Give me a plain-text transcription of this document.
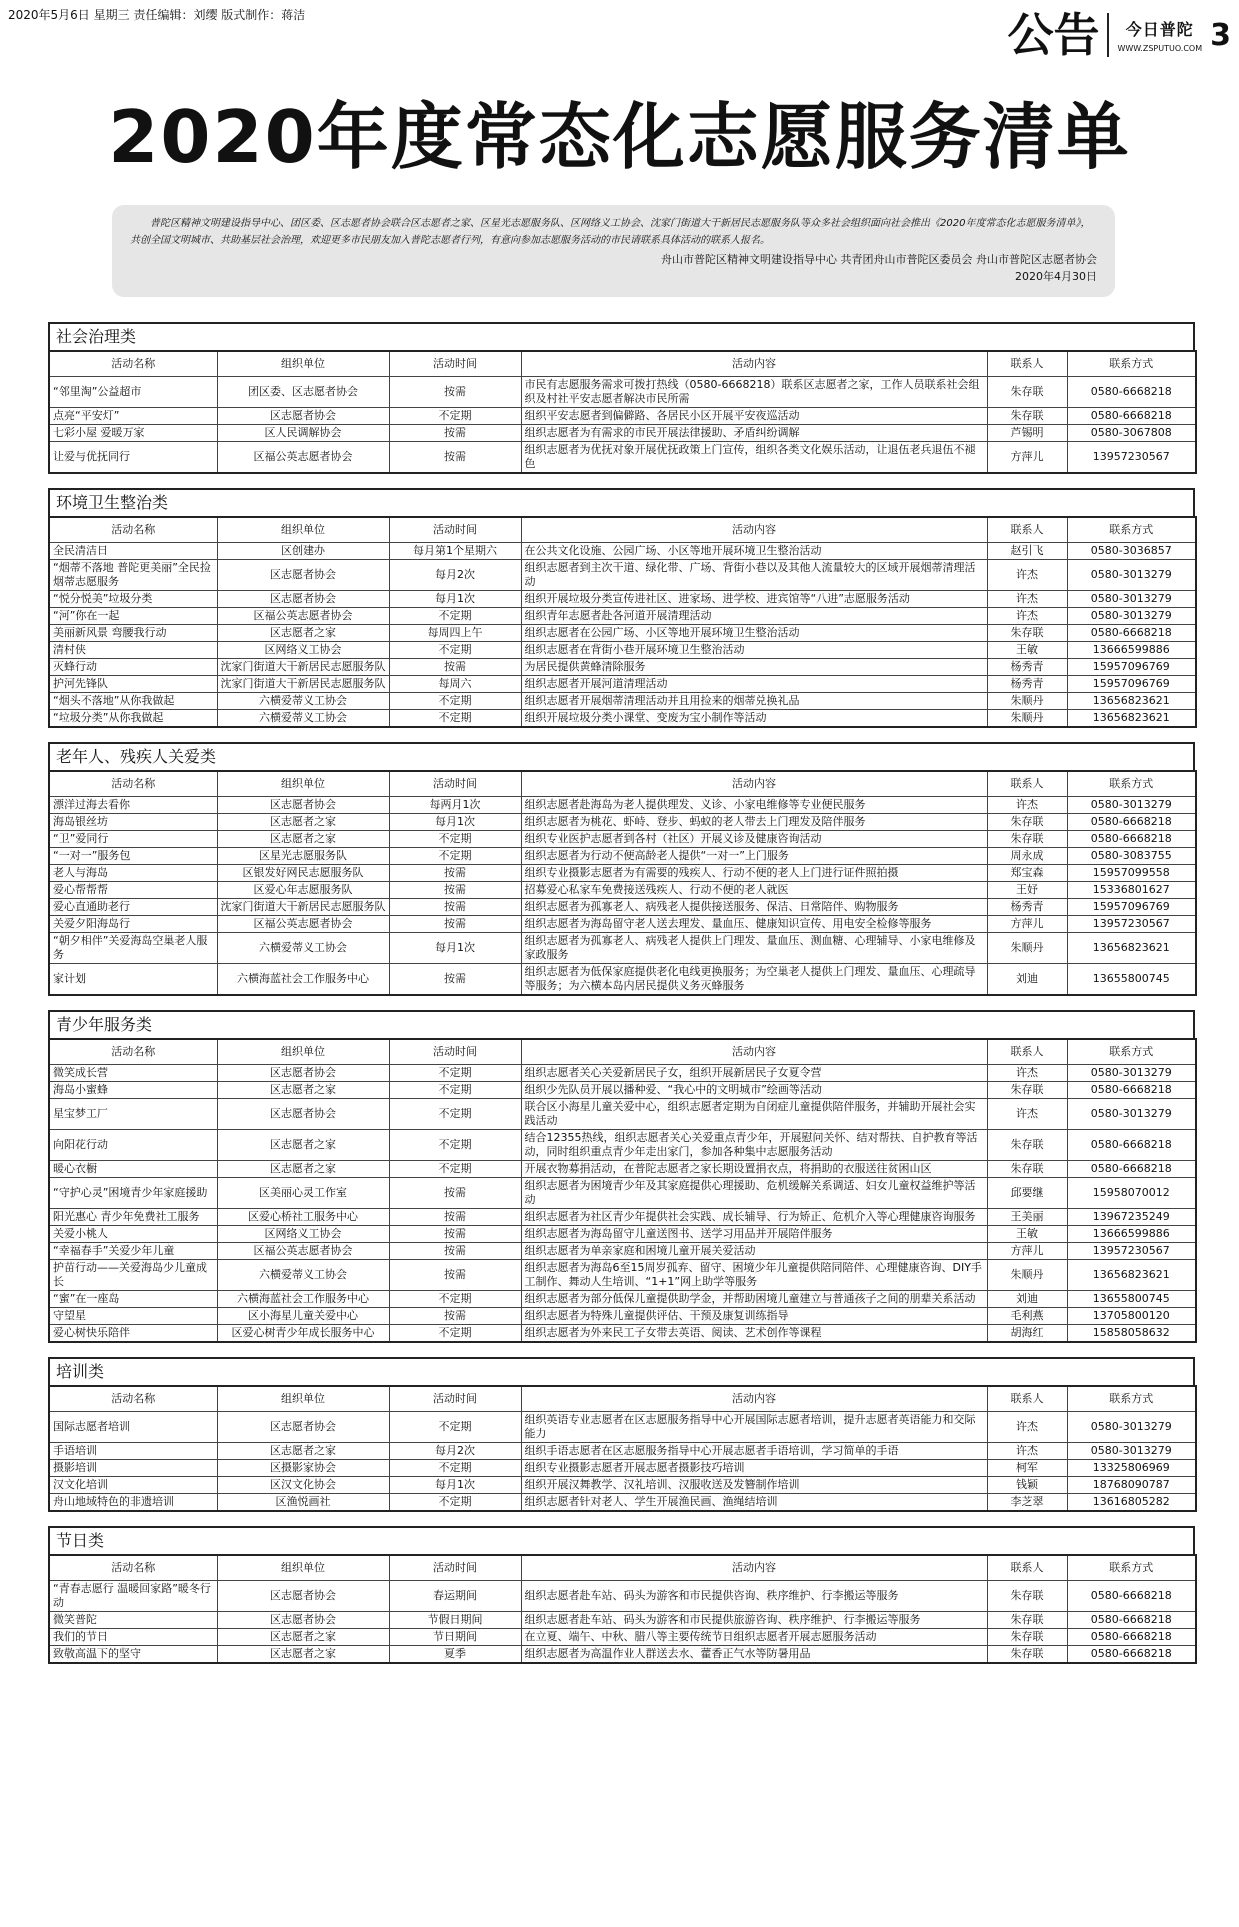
2020年5月6日 星期三 责任编辑：刘缨 版式制作：蒋洁	公告 今日普陀
WWW.ZSPUTUO.COM 3
2020年度常态化志愿服务清单
普陀区精神文明建设指导中心、团区委、区志愿者协会联合区志愿者之家、区星光志愿服务队、区网络义工协会、沈家门街道大干新居民志愿服务队等众多社会组织面向社会推出《2020年度常态化志愿服务清单》，共创全国文明城市、共助基层社会治理，欢迎更多市民朋友加入普陀志愿者行列，有意向参加志愿服务活动的市民请联系具体活动的联系人报名。
舟山市普陀区精神文明建设指导中心 共青团舟山市普陀区委员会 舟山市普陀区志愿者协会
2020年4月30日
社会治理类
活动名称	组织单位	活动时间	活动内容	联系人	联系方式
“邻里淘”公益超市	团区委、区志愿者协会	按需	市民有志愿服务需求可拨打热线（0580-6668218）联系区志愿者之家，工作人员联系社会组织及村社平安志愿者解决市民所需	朱存联	0580-6668218
点亮“平安灯”	区志愿者协会	不定期	组织平安志愿者到偏僻路、各居民小区开展平安夜巡活动	朱存联	0580-6668218
七彩小屋 爱暖万家	区人民调解协会	按需	组织志愿者为有需求的市民开展法律援助、矛盾纠纷调解	芦锡明	0580-3067808
让爱与优抚同行	区福公英志愿者协会	按需	组织志愿者为优抚对象开展优抚政策上门宣传，组织各类文化娱乐活动，让退伍老兵退伍不褪色	方萍儿	13957230567
环境卫生整治类
活动名称	组织单位	活动时间	活动内容	联系人	联系方式
全民清洁日	区创建办	每月第1个星期六	在公共文化设施、公园广场、小区等地开展环境卫生整治活动	赵引飞	0580-3036857
“烟蒂不落地 普陀更美丽”全民捡烟蒂志愿服务	区志愿者协会	每月2次	组织志愿者到主次干道、绿化带、广场、背街小巷以及其他人流量较大的区域开展烟蒂清理活动	许杰	0580-3013279
“悦分悦美”垃圾分类	区志愿者协会	每月1次	组织开展垃圾分类宣传进社区、进家场、进学校、进宾馆等“八进”志愿服务活动	许杰	0580-3013279
“河”你在一起	区福公英志愿者协会	不定期	组织青年志愿者赴各河道开展清理活动	许杰	0580-3013279
美丽新风景 弯腰我行动	区志愿者之家	每周四上午	组织志愿者在公园广场、小区等地开展环境卫生整治活动	朱存联	0580-6668218
清村侠	区网络义工协会	不定期	组织志愿者在背街小巷开展环境卫生整治活动	王敏	13666599886
灭蜂行动	沈家门街道大干新居民志愿服务队	按需	为居民提供黄蜂清除服务	杨秀青	15957096769
护河先锋队	沈家门街道大干新居民志愿服务队	每周六	组织志愿者开展河道清理活动	杨秀青	15957096769
“烟头不落地”从你我做起	六横爱蒂义工协会	不定期	组织志愿者开展烟蒂清理活动并且用捡来的烟蒂兑换礼品	朱顺丹	13656823621
“垃圾分类”从你我做起	六横爱蒂义工协会	不定期	组织开展垃圾分类小课堂、变废为宝小制作等活动	朱顺丹	13656823621
老年人、残疾人关爱类
活动名称	组织单位	活动时间	活动内容	联系人	联系方式
漂洋过海去看你	区志愿者协会	每两月1次	组织志愿者赴海岛为老人提供理发、义诊、小家电维修等专业便民服务	许杰	0580-3013279
海岛银丝坊	区志愿者之家	每月1次	组织志愿者为桃花、虾峙、登步、蚂蚁的老人带去上门理发及陪伴服务	朱存联	0580-6668218
“卫”爱同行	区志愿者之家	不定期	组织专业医护志愿者到各村（社区）开展义诊及健康咨询活动	朱存联	0580-6668218
“一对一”服务包	区星光志愿服务队	不定期	组织志愿者为行动不便高龄老人提供“一对一”上门服务	周永成	0580-3083755
老人与海岛	区银发好网民志愿服务队	按需	组织专业摄影志愿者为有需要的残疾人、行动不便的老人上门进行证件照拍摄	郑宝森	15957099558
爱心帮帮帮	区爱心年志愿服务队	按需	招募爱心私家车免费接送残疾人、行动不便的老人就医	王妤	15336801627
爱心直通助老行	沈家门街道大干新居民志愿服务队	按需	组织志愿者为孤寡老人、病残老人提供接送服务、保洁、日常陪伴、购物服务	杨秀青	15957096769
关爱夕阳海岛行	区福公英志愿者协会	按需	组织志愿者为海岛留守老人送去理发、量血压、健康知识宣传、用电安全检修等服务	方萍儿	13957230567
“朝夕相伴”关爱海岛空巢老人服务	六横爱蒂义工协会	每月1次	组织志愿者为孤寡老人、病残老人提供上门理发、量血压、测血糖、心理辅导、小家电维修及家政服务	朱顺丹	13656823621
家计划	六横海蓝社会工作服务中心	按需	组织志愿者为低保家庭提供老化电线更换服务；为空巢老人提供上门理发、量血压、心理疏导等服务；为六横本岛内居民提供义务灭蜂服务	刘迪	13655800745
青少年服务类
活动名称	组织单位	活动时间	活动内容	联系人	联系方式
微笑成长营	区志愿者协会	不定期	组织志愿者关心关爱新居民子女，组织开展新居民子女夏令营	许杰	0580-3013279
海岛小蜜蜂	区志愿者之家	不定期	组织少先队员开展以播种爱、“我心中的文明城市”绘画等活动	朱存联	0580-6668218
星宝梦工厂	区志愿者协会	不定期	联合区小海星儿童关爱中心，组织志愿者定期为自闭症儿童提供陪伴服务，并辅助开展社会实践活动	许杰	0580-3013279
向阳花行动	区志愿者之家	不定期	结合12355热线，组织志愿者关心关爱重点青少年，开展慰问关怀、结对帮扶、自护教育等活动，同时组织重点青少年走出家门，参加各种集中志愿服务活动	朱存联	0580-6668218
暖心衣橱	区志愿者之家	不定期	开展衣物募捐活动，在普陀志愿者之家长期设置捐衣点，将捐助的衣服送往贫困山区	朱存联	0580-6668218
“守护心灵”困境青少年家庭援助	区美丽心灵工作室	按需	组织志愿者为困境青少年及其家庭提供心理援助、危机缓解关系调适、妇女儿童权益维护等活动	邱要继	15958070012
阳光惠心 青少年免费社工服务	区爱心桥社工服务中心	按需	组织志愿者为社区青少年提供社会实践、成长辅导、行为矫正、危机介入等心理健康咨询服务	王美丽	13967235249
关爱小桃人	区网络义工协会	按需	组织志愿者为海岛留守儿童送图书、送学习用品并开展陪伴服务	王敏	13666599886
“幸福春手”关爱少年儿童	区福公英志愿者协会	按需	组织志愿者为单亲家庭和困境儿童开展关爱活动	方萍儿	13957230567
护苗行动——关爱海岛少儿童成长	六横爱蒂义工协会	按需	组织志愿者为海岛6至15周岁孤弃、留守、困境少年儿童提供陪同陪伴、心理健康咨询、DIY手工制作、舞动人生培训、“1+1”网上助学等服务	朱顺丹	13656823621
“蜜”在一座岛	六横海蓝社会工作服务中心	不定期	组织志愿者为部分低保儿童提供助学金，并帮助困境儿童建立与普通孩子之间的朋辈关系活动	刘迪	13655800745
守望星	区小海星儿童关爱中心	按需	组织志愿者为特殊儿童提供评估、干预及康复训练指导	毛利燕	13705800120
爱心树快乐陪伴	区爱心树青少年成长服务中心	不定期	组织志愿者为外来民工子女带去英语、阅读、艺术创作等课程	胡海红	15858058632
培训类
活动名称	组织单位	活动时间	活动内容	联系人	联系方式
国际志愿者培训	区志愿者协会	不定期	组织英语专业志愿者在区志愿服务指导中心开展国际志愿者培训，提升志愿者英语能力和交际能力	许杰	0580-3013279
手语培训	区志愿者之家	每月2次	组织手语志愿者在区志愿服务指导中心开展志愿者手语培训，学习简单的手语	许杰	0580-3013279
摄影培训	区摄影家协会	不定期	组织专业摄影志愿者开展志愿者摄影技巧培训	柯军	13325806969
汉文化培训	区汉文化协会	每月1次	组织开展汉舞教学、汉礼培训、汉服收送及发簪制作培训	钱颖	18768090787
舟山地域特色的非遗培训	区渔悦画社	不定期	组织志愿者针对老人、学生开展渔民画、渔绳结培训	李芝翠	13616805282
节日类
活动名称	组织单位	活动时间	活动内容	联系人	联系方式
“青春志愿行 温暖回家路”暖冬行动	区志愿者协会	春运期间	组织志愿者赴车站、码头为游客和市民提供咨询、秩序维护、行李搬运等服务	朱存联	0580-6668218
微笑普陀	区志愿者协会	节假日期间	组织志愿者赴车站、码头为游客和市民提供旅游咨询、秩序维护、行李搬运等服务	朱存联	0580-6668218
我们的节日	区志愿者之家	节日期间	在立夏、端午、中秋、腊八等主要传统节日组织志愿者开展志愿服务活动	朱存联	0580-6668218
致敬高温下的坚守	区志愿者之家	夏季	组织志愿者为高温作业人群送去水、藿香正气水等防暑用品	朱存联	0580-6668218
